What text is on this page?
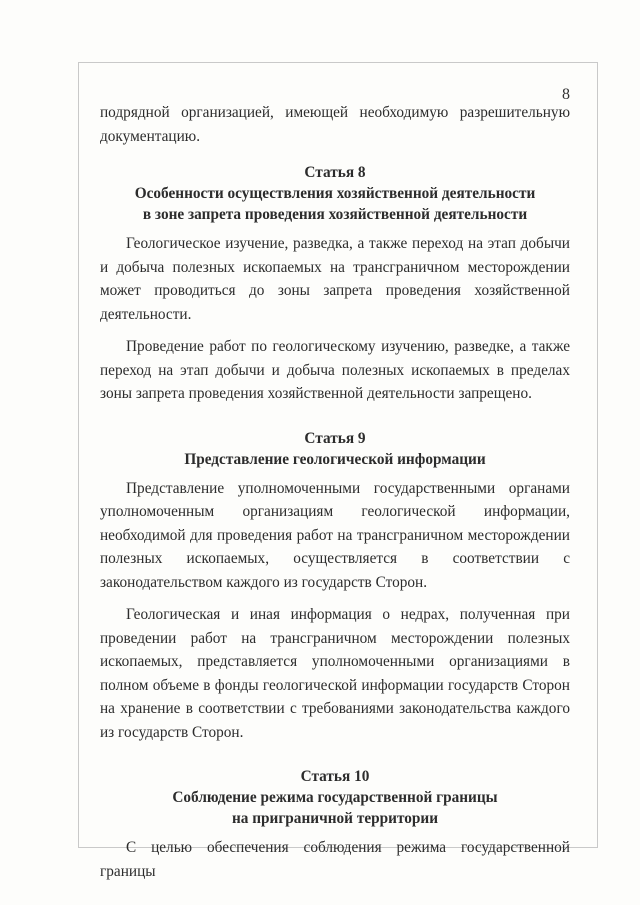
8

подрядной организацией, имеющей необходимую разрешительную документацию.

Статья 8
Особенности осуществления хозяйственной деятельности
в зоне запрета проведения хозяйственной деятельности

Геологическое изучение, разведка, а также переход на этап добычи и добыча полезных ископаемых на трансграничном месторождении может проводиться до зоны запрета проведения хозяйственной деятельности.

Проведение работ по геологическому изучению, разведке, а также переход на этап добычи и добыча полезных ископаемых в пределах зоны запрета проведения хозяйственной деятельности запрещено.

Статья 9
Представление геологической информации

Представление уполномоченными государственными органами уполномоченным организациям геологической информации, необходимой для проведения работ на трансграничном месторождении полезных ископаемых, осуществляется в соответствии с законодательством каждого из государств Сторон.

Геологическая и иная информация о недрах, полученная при проведении работ на трансграничном месторождении полезных ископаемых, представляется уполномоченными организациями в полном объеме в фонды геологической информации государств Сторон на хранение в соответствии с требованиями законодательства каждого из государств Сторон.

Статья 10
Соблюдение режима государственной границы
на приграничной территории

С целью обеспечения соблюдения режима государственной границы
